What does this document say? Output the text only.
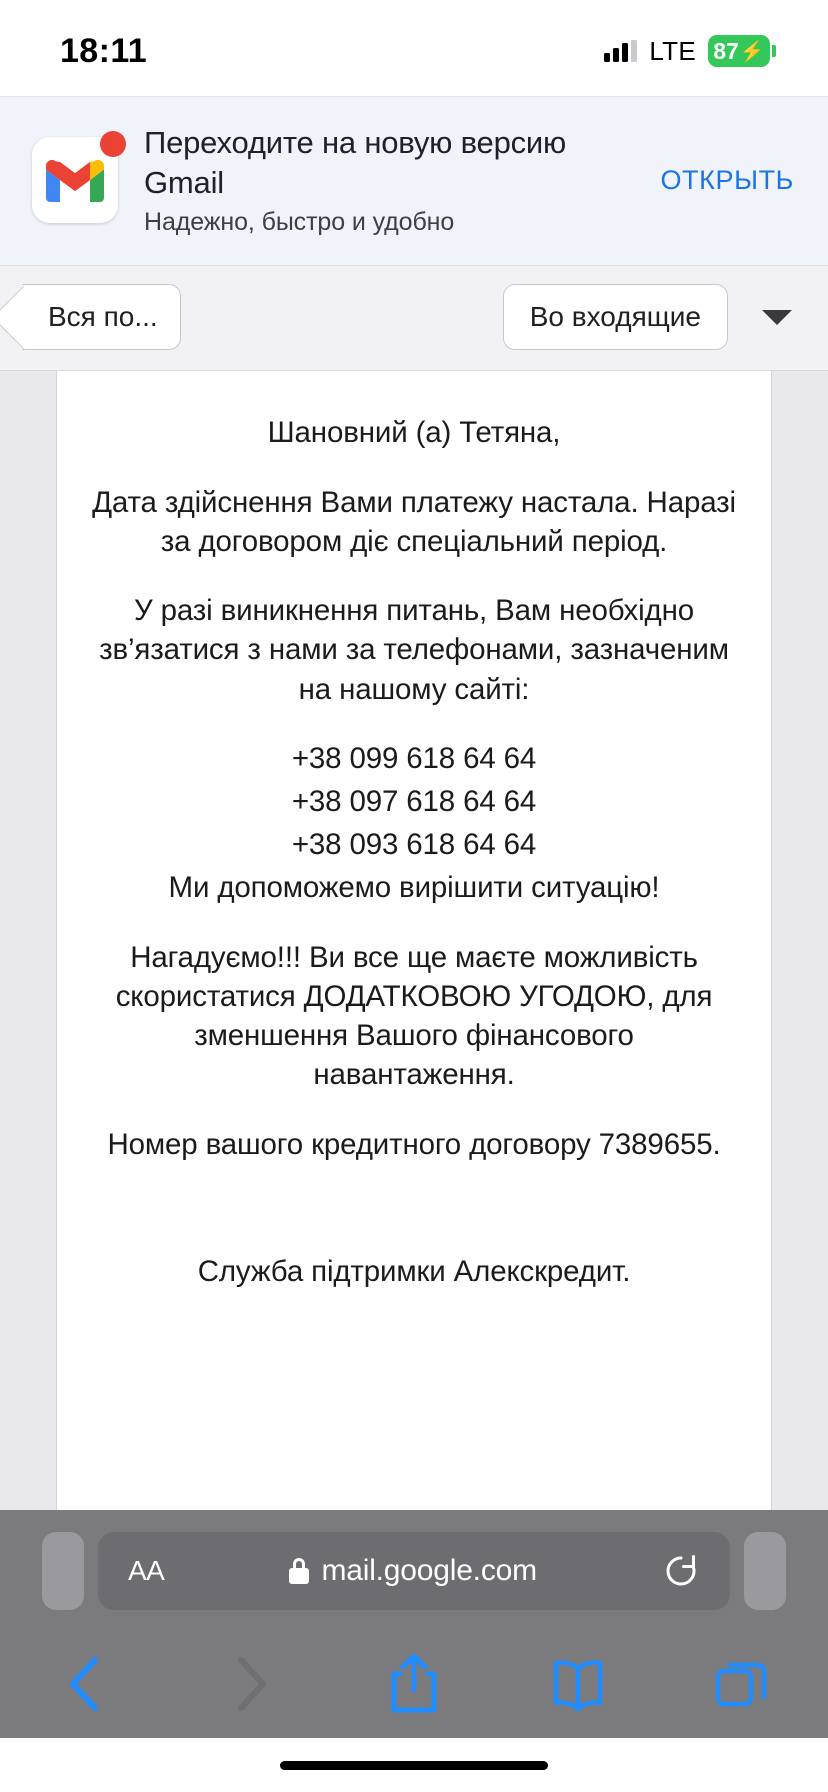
18:11	LTE 87 ⚡
Переходите на новую версию Gmail
Надежно, быстро и удобно
ОТКРЫТЬ
Вся по...	Во входящие

Шановний (а) Тетяна,

Дата здійснення Вами платежу настала. Наразі за договором діє спеціальний період.

У разі виникнення питань, Вам необхідно зв’язатися з нами за телефонами, зазначеним на нашому сайті:

+38 099 618 64 64

+38 097 618 64 64

+38 093 618 64 64

Ми допоможемо вирішити ситуацію!

Нагадуємо!!! Ви все ще маєте можливість скористатися ДОДАТКОВОЮ УГОДОЮ, для зменшення Вашого фінансового навантаження.

Номер вашого кредитного договору 7389655.

Служба підтримки Алекскредит.

AA	mail.google.com
